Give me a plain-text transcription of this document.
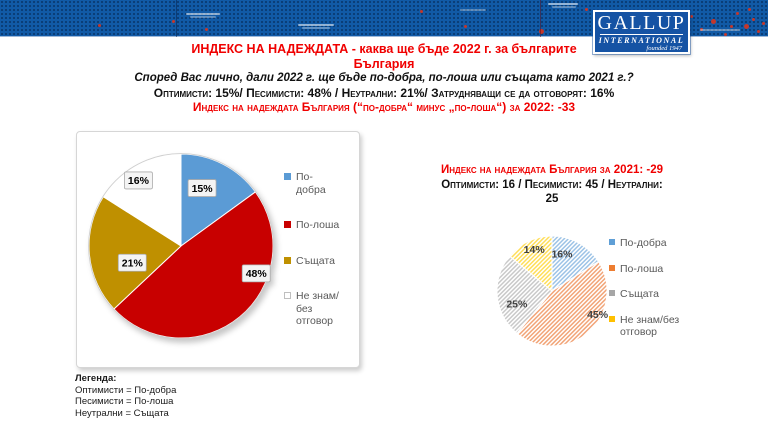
GALLUP
INTERNATIONAL
founded 1947
ИНДЕКС НА НАДЕЖДАТА - каква ще бъде 2022 г. за българите
България
Според Вас лично, дали 2022 г. ще бъде по-добра, по-лоша или същата като 2021 г.?
Оптимисти: 15%/ Песимисти: 48% / Неутрални: 21%/ Затрудняващи се да отговорят: 16%
Индекс на надеждата България (“по-добра“ минус „по-лоша“) за 2022: -33
15%
48%
21%
16%	По-добра
По-лоша
Същата
Не знам/без отговор
Индекс на надеждата България за 2021: -29
Оптимисти: 16 / Песимисти: 45 / Неутрални: 25
16%
45%
25%
14%
По-добра
По-лоша
Същата
Не знам/без отговор
Легенда:
Оптимисти = По-добра
Песимисти = По-лоша
Неутрални = Същата
